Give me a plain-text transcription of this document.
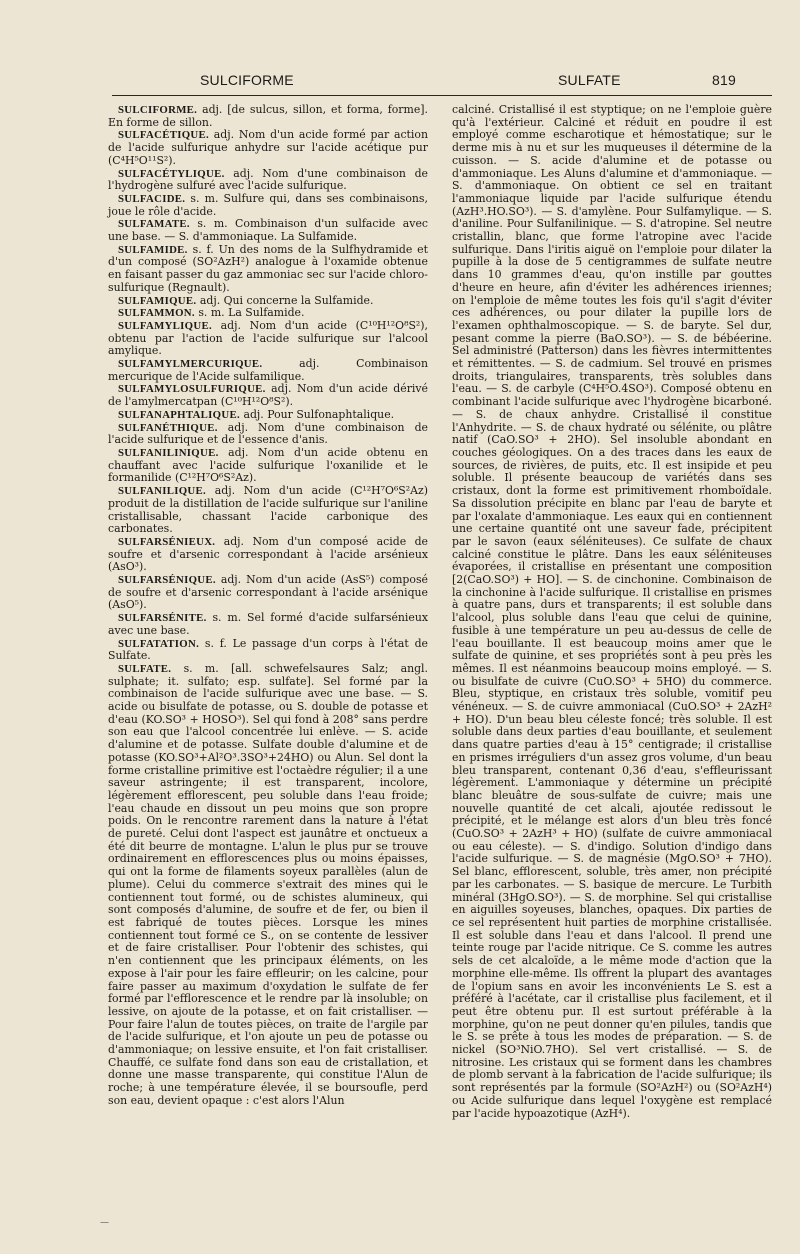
SULCIFORME	SULFATE	819

SULCIFORME. adj. [de sulcus, sillon, et forma, forme]. En forme de sillon.

SULFACÉTIQUE. adj. Nom d'un acide formé par action de l'acide sulfurique anhydre sur l'acide acétique pur (C⁴H⁵O¹¹S²).

SULFACÉTYLIQUE. adj. Nom d'une combinaison de l'hydrogène sulfuré avec l'acide sulfurique.

SULFACIDE. s. m. Sulfure qui, dans ses combinaisons, joue le rôle d'acide.

SULFAMATE. s. m. Combinaison d'un sulfacide avec une base. — S. d'ammoniaque. La Sulfamide.

SULFAMIDE. s. f. Un des noms de la Sulfhydramide et d'un composé (SO²AzH²) analogue à l'oxamide obtenue en faisant passer du gaz ammoniac sec sur l'acide chloro-sulfurique (Regnault).

SULFAMIQUE. adj. Qui concerne la Sulfamide.

SULFAMMON. s. m. La Sulfamide.

SULFAMYLIQUE. adj. Nom d'un acide (C¹⁰H¹²O⁸S²), obtenu par l'action de l'acide sulfurique sur l'alcool amylique.

SULFAMYLMERCURIQUE. adj. Combinaison mercurique de l'Acide sulfamilique.

SULFAMYLOSULFURIQUE. adj. Nom d'un acide dérivé de l'amylmercatpan (C¹⁰H¹²O⁸S²).

SULFANAPHTALIQUE. adj. Pour Sulfonaphtalique.

SULFANÉTHIQUE. adj. Nom d'une combinaison de l'acide sulfurique et de l'essence d'anis.

SULFANILINIQUE. adj. Nom d'un acide obtenu en chauffant avec l'acide sulfurique l'oxanilide et le formanilide (C¹²H⁷O⁶S²Az).

SULFANILIQUE. adj. Nom d'un acide (C¹²H⁷O⁶S²Az) produit de la distillation de l'acide sulfurique sur l'aniline cristallisable, chassant l'acide carbonique des carbonates.

SULFARSÉNIEUX. adj. Nom d'un composé acide de soufre et d'arsenic correspondant à l'acide arsénieux (AsO³).

SULFARSÉNIQUE. adj. Nom d'un acide (AsS⁵) composé de soufre et d'arsenic correspondant à l'acide arsénique (AsO⁵).

SULFARSÉNITE. s. m. Sel formé d'acide sulfarsénieux avec une base.

SULFATATION. s. f. Le passage d'un corps à l'état de Sulfate.

SULFATE. s. m. [all. schwefelsaures Salz; angl. sulphate; it. sulfato; esp. sulfate]. Sel formé par la combinaison de l'acide sulfurique avec une base. — S. acide ou bisulfate de potasse, ou S. double de potasse et d'eau (KO.SO³ + HOSO³). Sel qui fond à 208° sans perdre son eau que l'alcool concentrée lui enlève. — S. acide d'alumine et de potasse. Sulfate double d'alumine et de potasse (KO.SO³+Al²O³.3SO³+24HO) ou Alun. Sel dont la forme cristalline primitive est l'octaèdre régulier; il a une saveur astringente; il est transparent, incolore, légèrement efflorescent, peu soluble dans l'eau froide; l'eau chaude en dissout un peu moins que son propre poids. On le rencontre rarement dans la nature à l'état de pureté. Celui dont l'aspect est jaunâtre et onctueux a été dit beurre de montagne. L'alun le plus pur se trouve ordinairement en efflorescences plus ou moins épaisses, qui ont la forme de filaments soyeux parallèles (alun de plume). Celui du commerce s'extrait des mines qui le contiennent tout formé, ou de schistes alumineux, qui sont composés d'alumine, de soufre et de fer, ou bien il est fabriqué de toutes pièces. Lorsque les mines contiennent tout formé ce S., on se contente de lessiver et de faire cristalliser. Pour l'obtenir des schistes, qui n'en contiennent que les principaux éléments, on les expose à l'air pour les faire effleurir; on les calcine, pour faire passer au maximum d'oxydation le sulfate de fer formé par l'efflorescence et le rendre par là insoluble; on lessive, on ajoute de la potasse, et on fait cristalliser. — Pour faire l'alun de toutes pièces, on traite de l'argile par de l'acide sulfurique, et l'on ajoute un peu de potasse ou d'ammoniaque; on lessive ensuite, et l'on fait cristalliser. Chauffé, ce sulfate fond dans son eau de cristallation, et donne une masse transparente, qui constitue l'Alun de roche; à une température élevée, il se boursoufle, perd son eau, devient opaque : c'est alors l'Alun

calciné. Cristallisé il est styptique; on ne l'emploie guère qu'à l'extérieur. Calciné et réduit en poudre il est employé comme escharotique et hémostatique; sur le derme mis à nu et sur les muqueuses il détermine de la cuisson. — S. acide d'alumine et de potasse ou d'ammoniaque. Les Aluns d'alumine et d'ammoniaque. — S. d'ammoniaque. On obtient ce sel en traitant l'ammoniaque liquide par l'acide sulfurique étendu (AzH³.HO.SO³). — S. d'amylène. Pour Sulfamylique. — S. d'aniline. Pour Sulfanilinique. — S. d'atropine. Sel neutre cristallin, blanc, que forme l'atropine avec l'acide sulfurique. Dans l'iritis aiguë on l'emploie pour dilater la pupille à la dose de 5 centigrammes de sulfate neutre dans 10 grammes d'eau, qu'on instille par gouttes d'heure en heure, afin d'éviter les adhérences iriennes; on l'emploie de même toutes les fois qu'il s'agit d'éviter ces adhérences, ou pour dilater la pupille lors de l'examen ophthalmoscopique. — S. de baryte. Sel dur, pesant comme la pierre (BaO.SO³). — S. de bébéerine. Sel administré (Patterson) dans les fièvres intermittentes et rémittentes. — S. de cadmium. Sel trouvé en prismes droits, triangulaires, transparents, très solubles dans l'eau. — S. de carbyle (C⁴H⁵O.4SO³). Composé obtenu en combinant l'acide sulfurique avec l'hydrogène bicarboné. — S. de chaux anhydre. Cristallisé il constitue l'Anhydrite. — S. de chaux hydraté ou sélénite, ou plâtre natif (CaO.SO³ + 2HO). Sel insoluble abondant en couches géologiques. On a des traces dans les eaux de sources, de rivières, de puits, etc. Il est insipide et peu soluble. Il présente beaucoup de variétés dans ses cristaux, dont la forme est primitivement rhomboïdale. Sa dissolution précipite en blanc par l'eau de baryte et par l'oxalate d'ammoniaque. Les eaux qui en contiennent une certaine quantité ont une saveur fade, précipitent par le savon (eaux séléniteuses). Ce sulfate de chaux calciné constitue le plâtre. Dans les eaux séléniteuses évaporées, il cristallise en présentant une composition [2(CaO.SO³) + HO]. — S. de cinchonine. Combinaison de la cinchonine à l'acide sulfurique. Il cristallise en prismes à quatre pans, durs et transparents; il est soluble dans l'alcool, plus soluble dans l'eau que celui de quinine, fusible à une température un peu au-dessus de celle de l'eau bouillante. Il est beaucoup moins amer que le sulfate de quinine, et ses propriétés sont à peu près les mêmes. Il est néanmoins beaucoup moins employé. — S. ou bisulfate de cuivre (CuO.SO³ + 5HO) du commerce. Bleu, styptique, en cristaux très soluble, vomitif peu vénéneux. — S. de cuivre ammoniacal (CuO.SO³ + 2AzH² + HO). D'un beau bleu céleste foncé; très soluble. Il est soluble dans deux parties d'eau bouillante, et seulement dans quatre parties d'eau à 15° centigrade; il cristallise en prismes irréguliers d'un assez gros volume, d'un beau bleu transparent, contenant 0,36 d'eau, s'effleurissant légèrement. L'ammoniaque y détermine un précipité blanc bleuâtre de sous-sulfate de cuivre; mais une nouvelle quantité de cet alcali, ajoutée redissout le précipité, et le mélange est alors d'un bleu très foncé (CuO.SO³ + 2AzH³ + HO) (sulfate de cuivre ammoniacal ou eau céleste). — S. d'indigo. Solution d'indigo dans l'acide sulfurique. — S. de magnésie (MgO.SO³ + 7HO). Sel blanc, efflorescent, soluble, très amer, non précipité par les carbonates. — S. basique de mercure. Le Turbith minéral (3HgO.SO³). — S. de morphine. Sel qui cristallise en aiguilles soyeuses, blanches, opaques. Dix parties de ce sel représentent huit parties de morphine cristallisée. Il est soluble dans l'eau et dans l'alcool. Il prend une teinte rouge par l'acide nitrique. Ce S. comme les autres sels de cet alcaloïde, a le même mode d'action que la morphine elle-même. Ils offrent la plupart des avantages de l'opium sans en avoir les inconvénients Le S. est a préféré à l'acétate, car il cristallise plus facilement, et il peut être obtenu pur. Il est surtout préférable à la morphine, qu'on ne peut donner qu'en pilules, tandis que le S. se prête à tous les modes de préparation. — S. de nickel (SO³NiO.7HO). Sel vert cristallisé. — S. de nitrosine. Les cristaux qui se forment dans les chambres de plomb servant à la fabrication de l'acide sulfurique; ils sont représentés par la formule (SO²AzH²) ou (SO²AzH⁴) ou Acide sulfurique dans lequel l'oxygène est remplacé par l'acide hypoazotique (AzH⁴).

—
